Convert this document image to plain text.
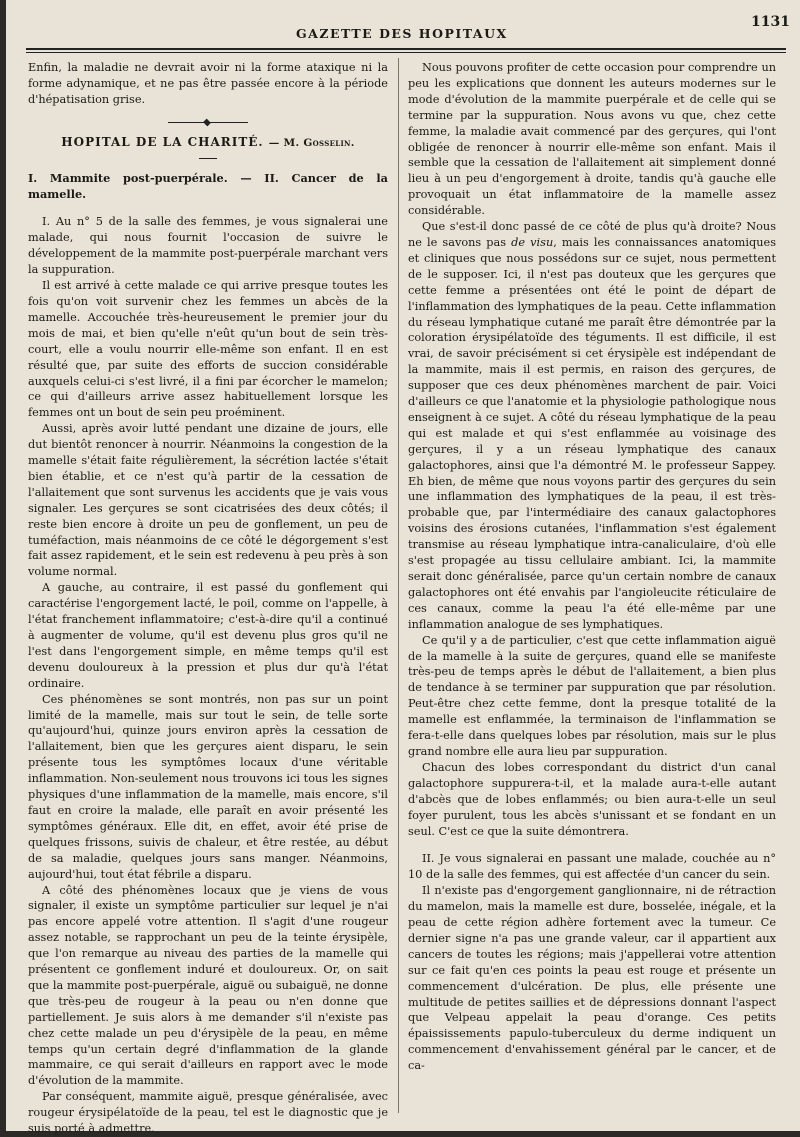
GAZETTE DES HOPITAUX
1131

Enfin, la maladie ne devrait avoir ni la forme ataxique ni la forme adynamique, et ne pas être passée encore à la période d'hépatisation grise.

HOPITAL DE LA CHARITÉ. — M. Gosselin.
I. Mammite post-puerpérale. — II. Cancer de la mamelle.

I. Au n° 5 de la salle des femmes, je vous signalerai une malade, qui nous fournit l'occasion de suivre le développement de la mammite post-puerpérale marchant vers la suppuration.

Il est arrivé à cette malade ce qui arrive presque toutes les fois qu'on voit survenir chez les femmes un abcès de la mamelle. Accouchée très-heureusement le premier jour du mois de mai, et bien qu'elle n'eût qu'un bout de sein très-court, elle a voulu nourrir elle-même son enfant. Il en est résulté que, par suite des efforts de succion considérable auxquels celui-ci s'est livré, il a fini par écorcher le mamelon; ce qui d'ailleurs arrive assez habituellement lorsque les femmes ont un bout de sein peu proéminent.

Aussi, après avoir lutté pendant une dizaine de jours, elle dut bientôt renoncer à nourrir. Néanmoins la congestion de la mamelle s'était faite régulièrement, la sécrétion lactée s'était bien établie, et ce n'est qu'à partir de la cessation de l'allaitement que sont survenus les accidents que je vais vous signaler. Les gerçures se sont cicatrisées des deux côtés; il reste bien encore à droite un peu de gonflement, un peu de tuméfaction, mais néanmoins de ce côté le dégorgement s'est fait assez rapidement, et le sein est redevenu à peu près à son volume normal.

A gauche, au contraire, il est passé du gonflement qui caractérise l'engorgement lacté, le poil, comme on l'appelle, à l'état franchement inflammatoire; c'est-à-dire qu'il a continué à augmenter de volume, qu'il est devenu plus gros qu'il ne l'est dans l'engorgement simple, en même temps qu'il est devenu douloureux à la pression et plus dur qu'à l'état ordinaire.

Ces phénomènes se sont montrés, non pas sur un point limité de la mamelle, mais sur tout le sein, de telle sorte qu'aujourd'hui, quinze jours environ après la cessation de l'allaitement, bien que les gerçures aient disparu, le sein présente tous les symptômes locaux d'une véritable inflammation. Non-seulement nous trouvons ici tous les signes physiques d'une inflammation de la mamelle, mais encore, s'il faut en croire la malade, elle paraît en avoir présenté les symptômes généraux. Elle dit, en effet, avoir été prise de quelques frissons, suivis de chaleur, et être restée, au début de sa maladie, quelques jours sans manger. Néanmoins, aujourd'hui, tout état fébrile a disparu.

A côté des phénomènes locaux que je viens de vous signaler, il existe un symptôme particulier sur lequel je n'ai pas encore appelé votre attention. Il s'agit d'une rougeur assez notable, se rapprochant un peu de la teinte érysipèle, que l'on remarque au niveau des parties de la mamelle qui présentent ce gonflement induré et douloureux. Or, on sait que la mammite post-puerpérale, aiguë ou subaiguë, ne donne que très-peu de rougeur à la peau ou n'en donne que partiellement. Je suis alors à me demander s'il n'existe pas chez cette malade un peu d'érysipèle de la peau, en même temps qu'un certain degré d'inflammation de la glande mammaire, ce qui serait d'ailleurs en rapport avec le mode d'évolution de la mammite.

Par conséquent, mammite aiguë, presque généralisée, avec rougeur érysipélatoïde de la peau, tel est le diagnostic que je suis porté à admettre.

Nous pouvons profiter de cette occasion pour comprendre un peu les explications que donnent les auteurs modernes sur le mode d'évolution de la mammite puerpérale et de celle qui se termine par la suppuration. Nous avons vu que, chez cette femme, la maladie avait commencé par des gerçures, qui l'ont obligée de renoncer à nourrir elle-même son enfant. Mais il semble que la cessation de l'allaitement ait simplement donné lieu à un peu d'engorgement à droite, tandis qu'à gauche elle provoquait un état inflammatoire de la mamelle assez considérable.

Que s'est-il donc passé de ce côté de plus qu'à droite? Nous ne le savons pas de visu, mais les connaissances anatomiques et cliniques que nous possédons sur ce sujet, nous permettent de le supposer. Ici, il n'est pas douteux que les gerçures que cette femme a présentées ont été le point de départ de l'inflammation des lymphatiques de la peau. Cette inflammation du réseau lymphatique cutané me paraît être démontrée par la coloration érysipélatoïde des téguments. Il est difficile, il est vrai, de savoir précisément si cet érysipèle est indépendant de la mammite, mais il est permis, en raison des gerçures, de supposer que ces deux phénomènes marchent de pair. Voici d'ailleurs ce que l'anatomie et la physiologie pathologique nous enseignent à ce sujet. A côté du réseau lymphatique de la peau qui est malade et qui s'est enflammée au voisinage des gerçures, il y a un réseau lymphatique des canaux galactophores, ainsi que l'a démontré M. le professeur Sappey. Eh bien, de même que nous voyons partir des gerçures du sein une inflammation des lymphatiques de la peau, il est très-probable que, par l'intermédiaire des canaux galactophores voisins des érosions cutanées, l'inflammation s'est également transmise au réseau lymphatique intra-canaliculaire, d'où elle s'est propagée au tissu cellulaire ambiant. Ici, la mammite serait donc généralisée, parce qu'un certain nombre de canaux galactophores ont été envahis par l'angioleucite réticulaire de ces canaux, comme la peau l'a été elle-même par une inflammation analogue de ses lymphatiques.

Ce qu'il y a de particulier, c'est que cette inflammation aiguë de la mamelle à la suite de gerçures, quand elle se manifeste très-peu de temps après le début de l'allaitement, a bien plus de tendance à se terminer par suppuration que par résolution. Peut-être chez cette femme, dont la presque totalité de la mamelle est enflammée, la terminaison de l'inflammation se fera-t-elle dans quelques lobes par résolution, mais sur le plus grand nombre elle aura lieu par suppuration.

Chacun des lobes correspondant du district d'un canal galactophore suppurera-t-il, et la malade aura-t-elle autant d'abcès que de lobes enflammés; ou bien aura-t-elle un seul foyer purulent, tous les abcès s'unissant et se fondant en un seul. C'est ce que la suite démontrera.

II. Je vous signalerai en passant une malade, couchée au n° 10 de la salle des femmes, qui est affectée d'un cancer du sein.

Il n'existe pas d'engorgement ganglionnaire, ni de rétraction du mamelon, mais la mamelle est dure, bosselée, inégale, et la peau de cette région adhère fortement avec la tumeur. Ce dernier signe n'a pas une grande valeur, car il appartient aux cancers de toutes les régions; mais j'appellerai votre attention sur ce fait qu'en ces points la peau est rouge et présente un commencement d'ulcération. De plus, elle présente une multitude de petites saillies et de dépressions donnant l'aspect que Velpeau appelait la peau d'orange. Ces petits épaississements papulo-tuberculeux du derme indiquent un commencement d'envahissement général par le cancer, et de ca-
